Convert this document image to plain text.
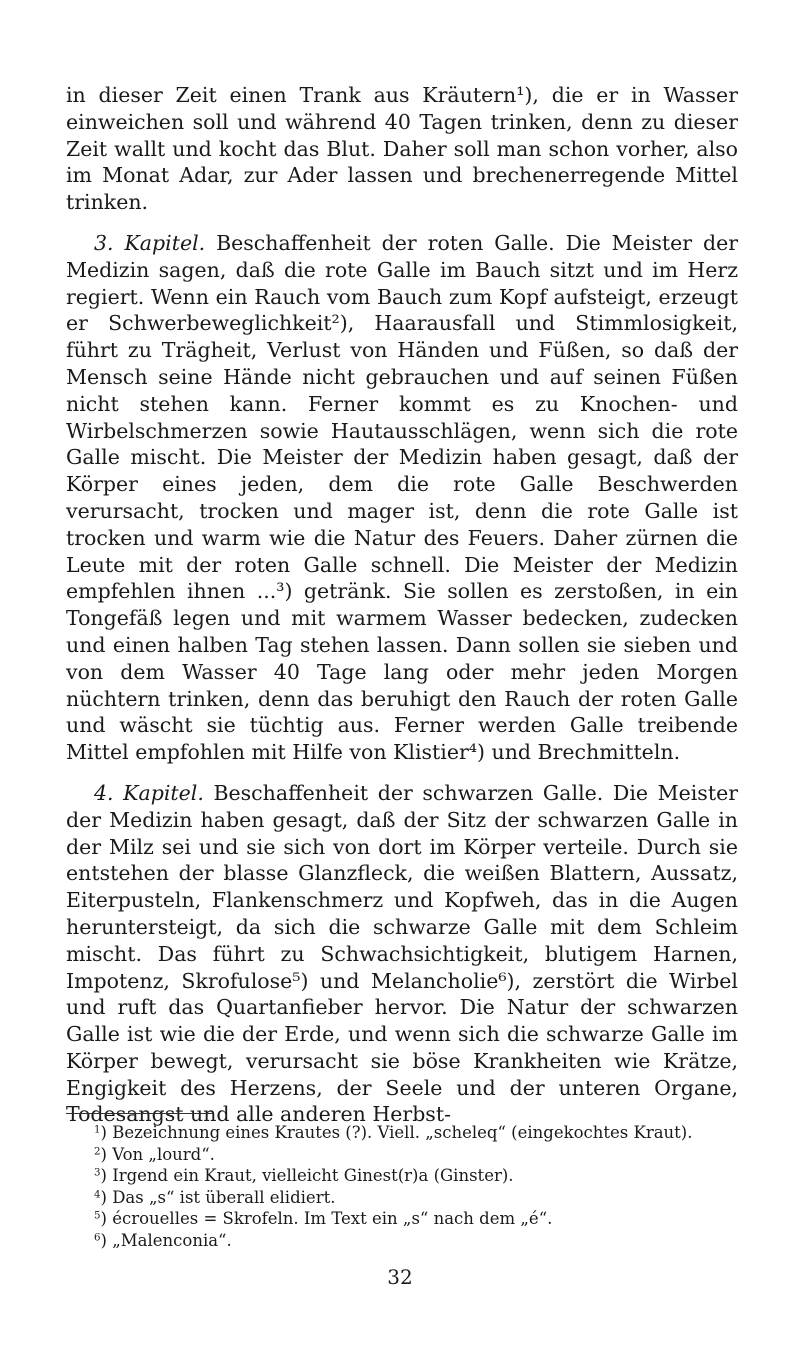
in dieser Zeit einen Trank aus Kräutern¹), die er in Wasser einweichen soll und während 40 Tagen trinken, denn zu dieser Zeit wallt und kocht das Blut. Daher soll man schon vorher, also im Monat Adar, zur Ader lassen und brechenerregende Mittel trinken.

3. Kapitel. Beschaffenheit der roten Galle. Die Meister der Medizin sagen, daß die rote Galle im Bauch sitzt und im Herz regiert. Wenn ein Rauch vom Bauch zum Kopf aufsteigt, erzeugt er Schwerbeweglichkeit²), Haarausfall und Stimmlosigkeit, führt zu Trägheit, Verlust von Händen und Füßen, so daß der Mensch seine Hände nicht gebrauchen und auf seinen Füßen nicht stehen kann. Ferner kommt es zu Knochen- und Wirbelschmerzen sowie Hautausschlägen, wenn sich die rote Galle mischt. Die Meister der Medizin haben gesagt, daß der Körper eines jeden, dem die rote Galle Beschwerden verursacht, trocken und mager ist, denn die rote Galle ist trocken und warm wie die Natur des Feuers. Daher zürnen die Leute mit der roten Galle schnell. Die Meister der Medizin empfehlen ihnen ...³) getränk. Sie sollen es zerstoßen, in ein Tongefäß legen und mit warmem Wasser bedecken, zudecken und einen halben Tag stehen lassen. Dann sollen sie sieben und von dem Wasser 40 Tage lang oder mehr jeden Morgen nüchtern trinken, denn das beruhigt den Rauch der roten Galle und wäscht sie tüchtig aus. Ferner werden Galle treibende Mittel empfohlen mit Hilfe von Klistier⁴) und Brechmitteln.

4. Kapitel. Beschaffenheit der schwarzen Galle. Die Meister der Medizin haben gesagt, daß der Sitz der schwarzen Galle in der Milz sei und sie sich von dort im Körper verteile. Durch sie entstehen der blasse Glanzfleck, die weißen Blattern, Aussatz, Eiterpusteln, Flankenschmerz und Kopfweh, das in die Augen heruntersteigt, da sich die schwarze Galle mit dem Schleim mischt. Das führt zu Schwachsichtigkeit, blutigem Harnen, Impotenz, Skrofulose⁵) und Melancholie⁶), zerstört die Wirbel und ruft das Quartanfieber hervor. Die Natur der schwarzen Galle ist wie die der Erde, und wenn sich die schwarze Galle im Körper bewegt, verursacht sie böse Krankheiten wie Krätze, Engigkeit des Herzens, der Seele und der unteren Organe, Todesangst und alle anderen Herbst-

$^1$) Bezeichnung eines Krautes (?). Viell. „scheleq“ (eingekochtes Kraut).

$^2$) Von „lourd“.

$^3$) Irgend ein Kraut, vielleicht Ginest(r)a (Ginster).

$^4$) Das „s“ ist überall elidiert.

$^5$) écrouelles = Skrofeln. Im Text ein „s“ nach dem „é“.

$^6$) „Malenconia“.

32
